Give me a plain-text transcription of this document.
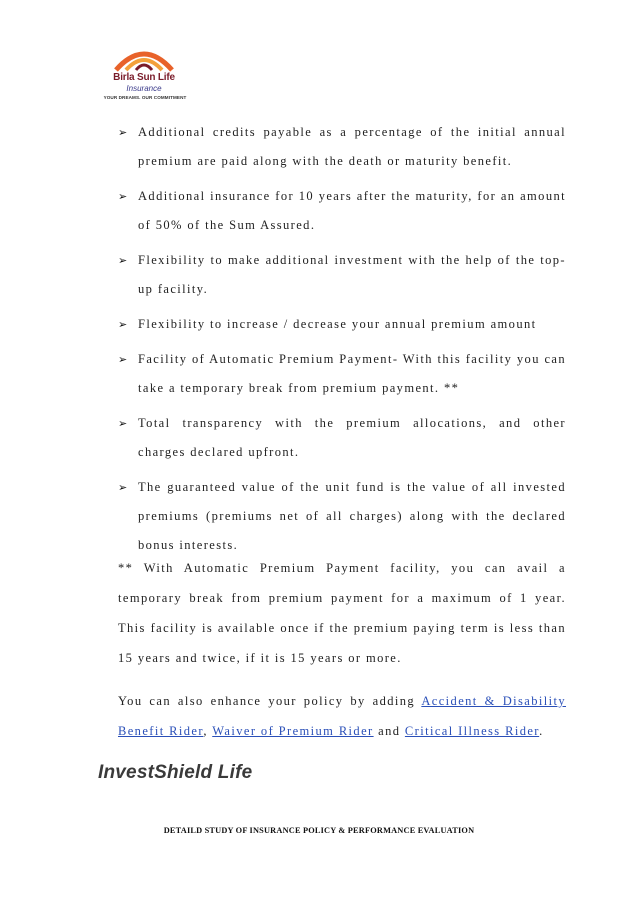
Birla Sun Life
Insurance
YOUR DREAMS. OUR COMMITMENT
➢ Additional credits payable as a percentage of the initial annual premium are paid along with the death or maturity benefit.
➢ Additional insurance for 10 years after the maturity, for an amount of 50% of the Sum Assured.
➢ Flexibility to make additional investment with the help of the top-up facility.
➢ Flexibility to increase / decrease your annual premium amount
➢ Facility of Automatic Premium Payment- With this facility you can take a temporary break from premium payment. **
➢ Total transparency with the premium allocations, and other charges declared upfront.
➢ The guaranteed value of the unit fund is the value of all invested premiums (premiums net of all charges) along with the declared bonus interests.

** With Automatic Premium Payment facility, you can avail a temporary break from premium payment for a maximum of 1 year. This facility is available once if the premium paying term is less than 15 years and twice, if it is 15 years or more.

You can also enhance your policy by adding Accident & Disability Benefit Rider, Waiver of Premium Rider and Critical Illness Rider.

InvestShield Life
DETAILD STUDY OF INSURANCE POLICY & PERFORMANCE EVALUATION
